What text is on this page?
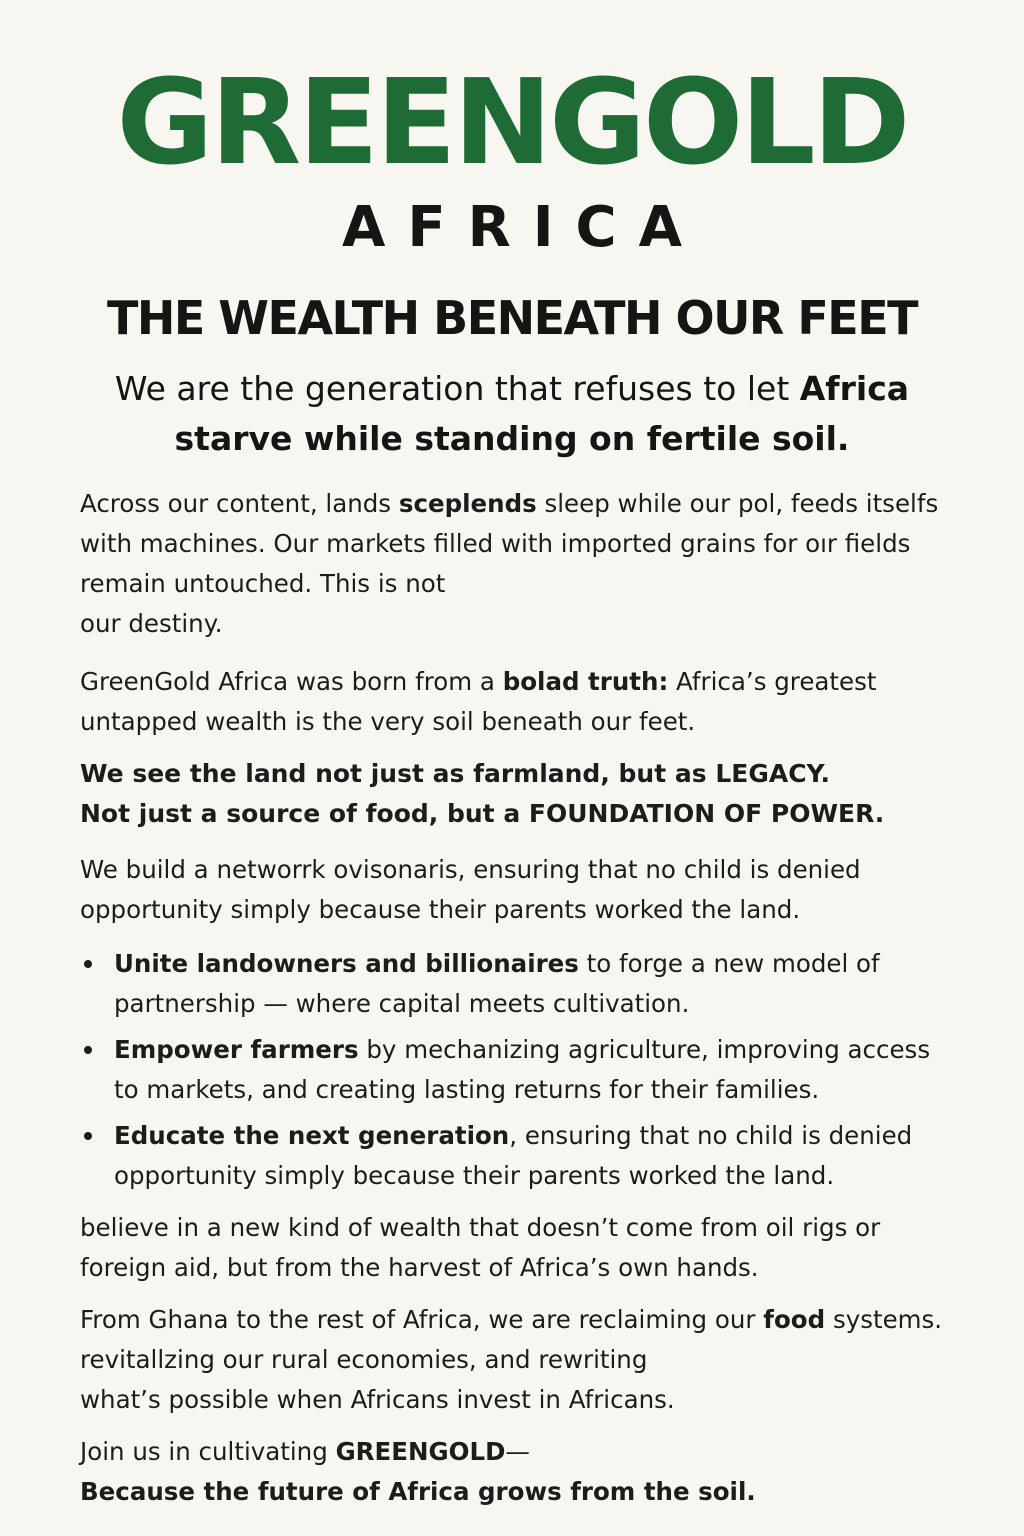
GREENGOLD
AFRICA
THE WEALTH BENEATH OUR FEET

We are the generation that refuses to let Africa
starve while standing on fertile soil.

Across our content, lands sceplends sleep while our pol, feeds itselfs
with machines. Our markets filled with imported grains for oır fields
remain untouched. This is not
our destiny.

GreenGold Africa was born from a bolad truth: Africa’s greatest
untapped wealth is the very soil beneath our feet.

We see the land not just as farmland, but as LEGACY.
Not just a source of food, but a FOUNDATION OF POWER.

We build a networrk ovisonaris, ensuring that no child is denied
opportunity simply because their parents worked the land.

Unite landowners and billionaires to forge a new model of
partnership — where capital meets cultivation.
Empower farmers by mechanizing agriculture, improving access
to markets, and creating lasting returns for their families.
Educate the next generation, ensuring that no child is denied
opportunity simply because their parents worked the land.

believe in a new kind of wealth that doesn’t come from oil rigs or
foreign aid, but from the harvest of Africa’s own hands.

From Ghana to the rest of Africa, we are reclaiming our food systems.
revitallzing our rural economies, and rewriting
what’s possible when Africans invest in Africans.

Join us in cultivating GREENGOLD—
Because the future of Africa grows from the soil.
